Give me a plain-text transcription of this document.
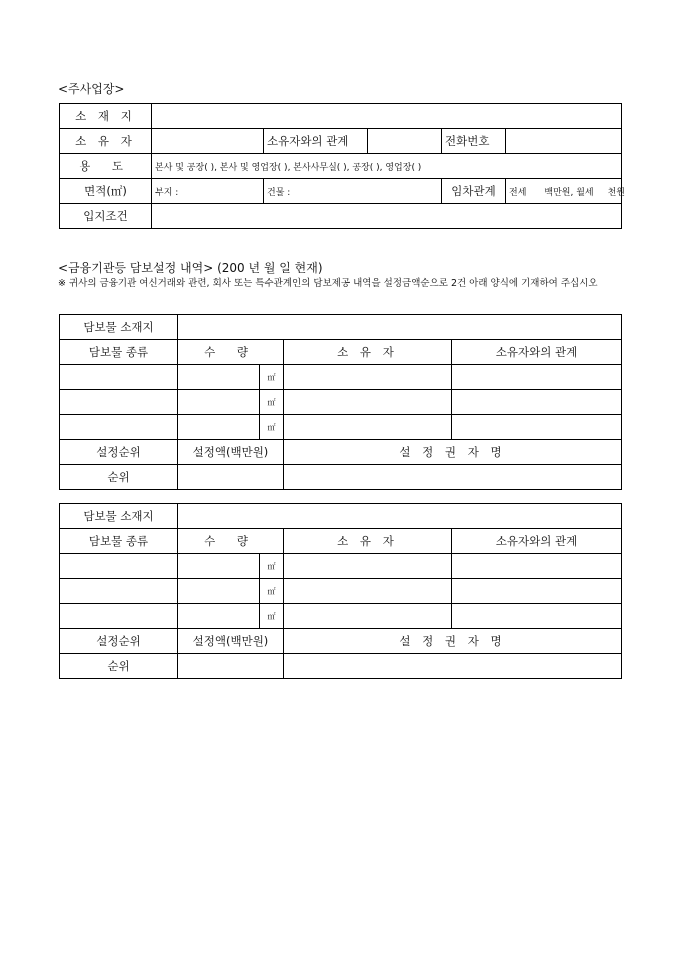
<주사업장>
소 재 지					
소 유 자		소유자와의 관계		전화번호	
용 도	본사 및 공장( ), 본사 및 영업장( ), 본사사무실( ), 공장( ), 영업장( )				
면적(㎡)	부지 :	건물 :		임차관계	전세 백만원, 월세 천원
입지조건					
<금융기관등 담보설정 내역> (200 년 월 일 현재)
※ 귀사의 금융기관 여신거래와 관련, 회사 또는 특수관계인의 담보제공 내역을 설정금액순으로 2건 아래 양식에 기재하여 주십시오
담보물 소재지				
담보물 종류	수 량		소 유 자	소유자와의 관계
		㎡		
		㎡		
		㎡		
설정순위	설정액(백만원)		설 정 권 자 명	
순위				
담보물 소재지				
담보물 종류	수 량		소 유 자	소유자와의 관계
		㎡		
		㎡		
		㎡		
설정순위	설정액(백만원)		설 정 권 자 명	
순위				
